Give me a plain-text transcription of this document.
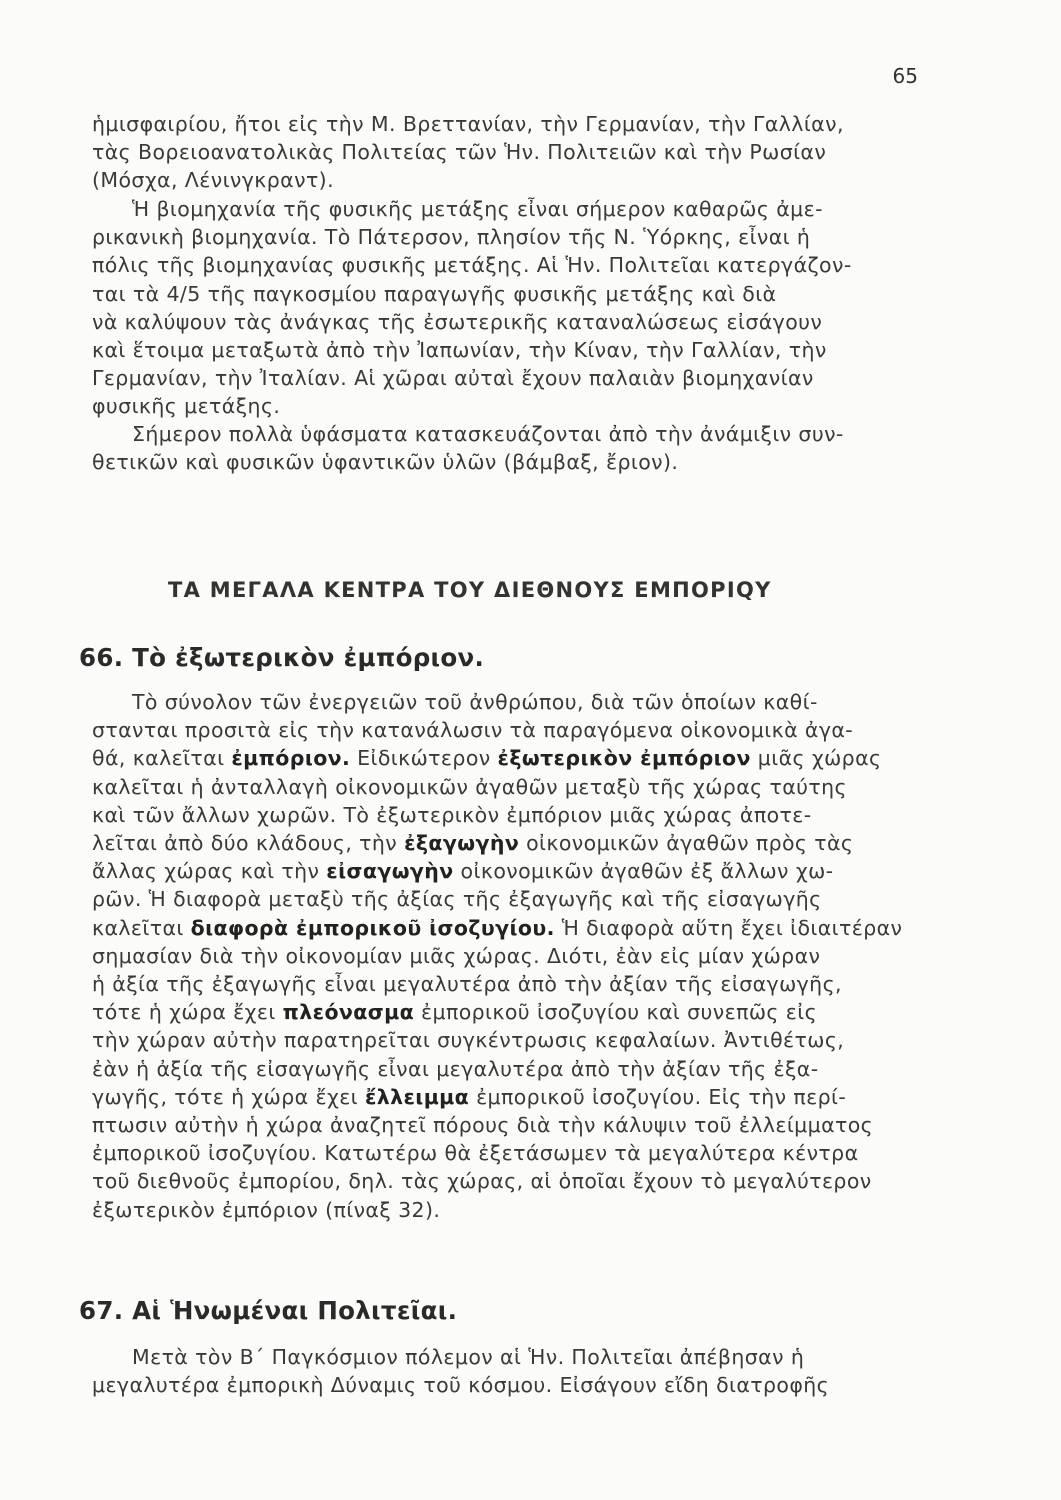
65
ἡμισφαιρίου, ἤτοι εἰς τὴν Μ. Βρεττανίαν, τὴν Γερμανίαν, τὴν Γαλλίαν,
τὰς Βορειοανατολικὰς Πολιτείας τῶν Ἡν. Πολιτειῶν καὶ τὴν Ρωσίαν
(Μόσχα, Λένινγκραντ).
Ἡ βιομηχανία τῆς φυσικῆς μετάξης εἶναι σήμερον καθαρῶς ἀμε-
ρικανικὴ βιομηχανία. Τὸ Πάτερσον, πλησίον τῆς Ν. Ὑόρκης, εἶναι ἡ
πόλις τῆς βιομηχανίας φυσικῆς μετάξης. Αἱ Ἡν. Πολιτεῖαι κατεργάζον-
ται τὰ 4/5 τῆς παγκοσμίου παραγωγῆς φυσικῆς μετάξης καὶ διὰ
νὰ καλύψουν τὰς ἀνάγκας τῆς ἐσωτερικῆς καταναλώσεως εἰσάγουν
καὶ ἕτοιμα μεταξωτὰ ἀπὸ τὴν Ἰαπωνίαν, τὴν Κίναν, τὴν Γαλλίαν, τὴν
Γερμανίαν, τὴν Ἰταλίαν. Αἱ χῶραι αὐταὶ ἔχουν παλαιὰν βιομηχανίαν
φυσικῆς μετάξης.
Σήμερον πολλὰ ὑφάσματα κατασκευάζονται ἀπὸ τὴν ἀνάμιξιν συν-
θετικῶν καὶ φυσικῶν ὑφαντικῶν ὑλῶν (βάμβαξ, ἔριον).
ΤΑ ΜΕΓΑΛΑ ΚΕΝΤΡΑ ΤΟΥ ΔΙΕΘΝΟΥΣ ΕΜΠΟΡΙQΥ
66. Τὸ ἐξωτερικὸν ἐμπόριον.
Τὸ σύνολον τῶν ἐνεργειῶν τοῦ ἀνθρώπου, διὰ τῶν ὁποίων καθί-
στανται προσιτὰ εἰς τὴν κατανάλωσιν τὰ παραγόμενα οἰκονομικὰ ἀγα-
θά, καλεῖται ἐμπόριον. Εἰδικώτερον ἐξωτερικὸν ἐμπόριον μιᾶς χώρας
καλεῖται ἡ ἀνταλλαγὴ οἰκονομικῶν ἀγαθῶν μεταξὺ τῆς χώρας ταύτης
καὶ τῶν ἄλλων χωρῶν. Τὸ ἐξωτερικὸν ἐμπόριον μιᾶς χώρας ἀποτε-
λεῖται ἀπὸ δύο κλάδους, τὴν ἐξαγωγὴν οἰκονομικῶν ἀγαθῶν πρὸς τὰς
ἄλλας χώρας καὶ τὴν εἰσαγωγὴν οἰκονομικῶν ἀγαθῶν ἐξ ἄλλων χω-
ρῶν. Ἡ διαφορὰ μεταξὺ τῆς ἀξίας τῆς ἐξαγωγῆς καὶ τῆς εἰσαγωγῆς
καλεῖται διαφορὰ ἐμπορικοῦ ἰσοζυγίου. Ἡ διαφορὰ αὕτη ἔχει ἰδιαιτέραν
σημασίαν διὰ τὴν οἰκονομίαν μιᾶς χώρας. Διότι, ἐὰν εἰς μίαν χώραν
ἡ ἀξία τῆς ἐξαγωγῆς εἶναι μεγαλυτέρα ἀπὸ τὴν ἀξίαν τῆς εἰσαγωγῆς,
τότε ἡ χώρα ἔχει πλεόνασμα ἐμπορικοῦ ἰσοζυγίου καὶ συνεπῶς εἰς
τὴν χώραν αὐτὴν παρατηρεῖται συγκέντρωσις κεφαλαίων. Ἀντιθέτως,
ἐὰν ἡ ἀξία τῆς εἰσαγωγῆς εἶναι μεγαλυτέρα ἀπὸ τὴν ἀξίαν τῆς ἐξα-
γωγῆς, τότε ἡ χώρα ἔχει ἔλλειμμα ἐμπορικοῦ ἰσοζυγίου. Εἰς τὴν περί-
πτωσιν αὐτὴν ἡ χώρα ἀναζητεῖ πόρους διὰ τὴν κάλυψιν τοῦ ἐλλείμματος
ἐμπορικοῦ ἰσοζυγίου. Κατωτέρω θὰ ἐξετάσωμεν τὰ μεγαλύτερα κέντρα
τοῦ διεθνοῦς ἐμπορίου, δηλ. τὰς χώρας, αἱ ὁποῖαι ἔχουν τὸ μεγαλύτερον
ἐξωτερικὸν ἐμπόριον (πίναξ 32).
67. Αἱ Ἡνωμέναι Πολιτεῖαι.
Μετὰ τὸν Β΄ Παγκόσμιον πόλεμον αἱ Ἡν. Πολιτεῖαι ἀπέβησαν ἡ
μεγαλυτέρα ἐμπορικὴ Δύναμις τοῦ κόσμου. Εἰσάγουν εἴδη διατροφῆς
